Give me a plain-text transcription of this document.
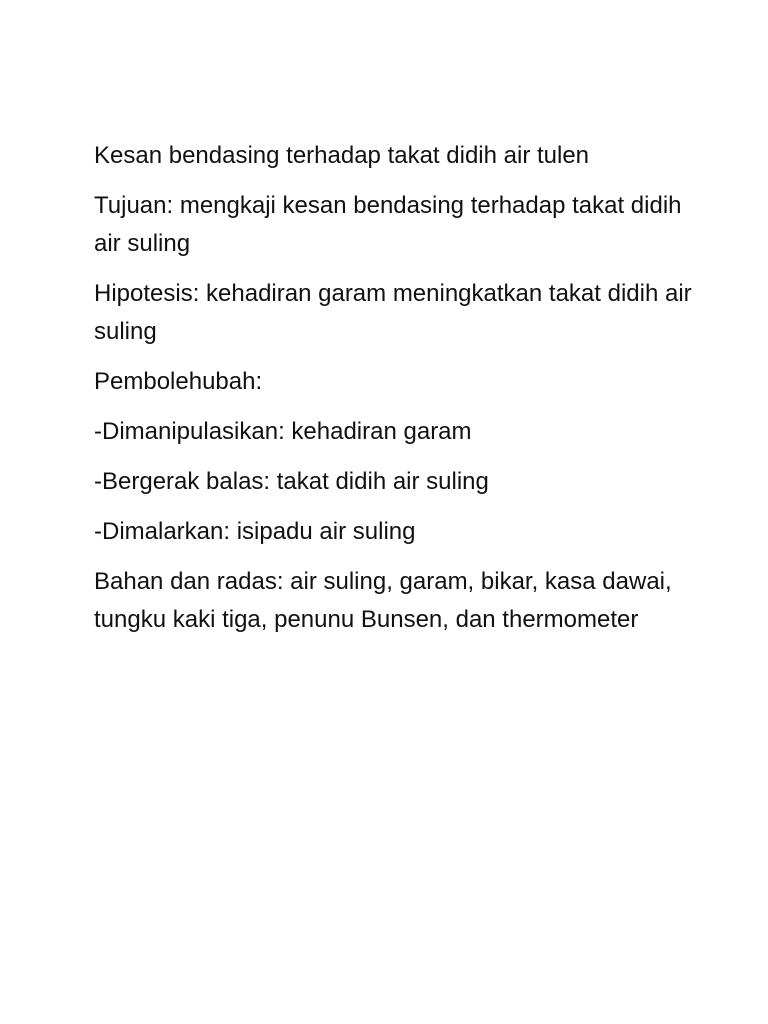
Kesan bendasing terhadap takat didih air tulen

Tujuan: mengkaji kesan bendasing terhadap takat didih air suling

Hipotesis: kehadiran garam meningkatkan takat didih air suling

Pembolehubah:

-Dimanipulasikan: kehadiran garam

-Bergerak balas: takat didih air suling

-Dimalarkan: isipadu air suling

Bahan dan radas: air suling, garam, bikar, kasa dawai, tungku kaki tiga, penunu Bunsen, dan thermometer
